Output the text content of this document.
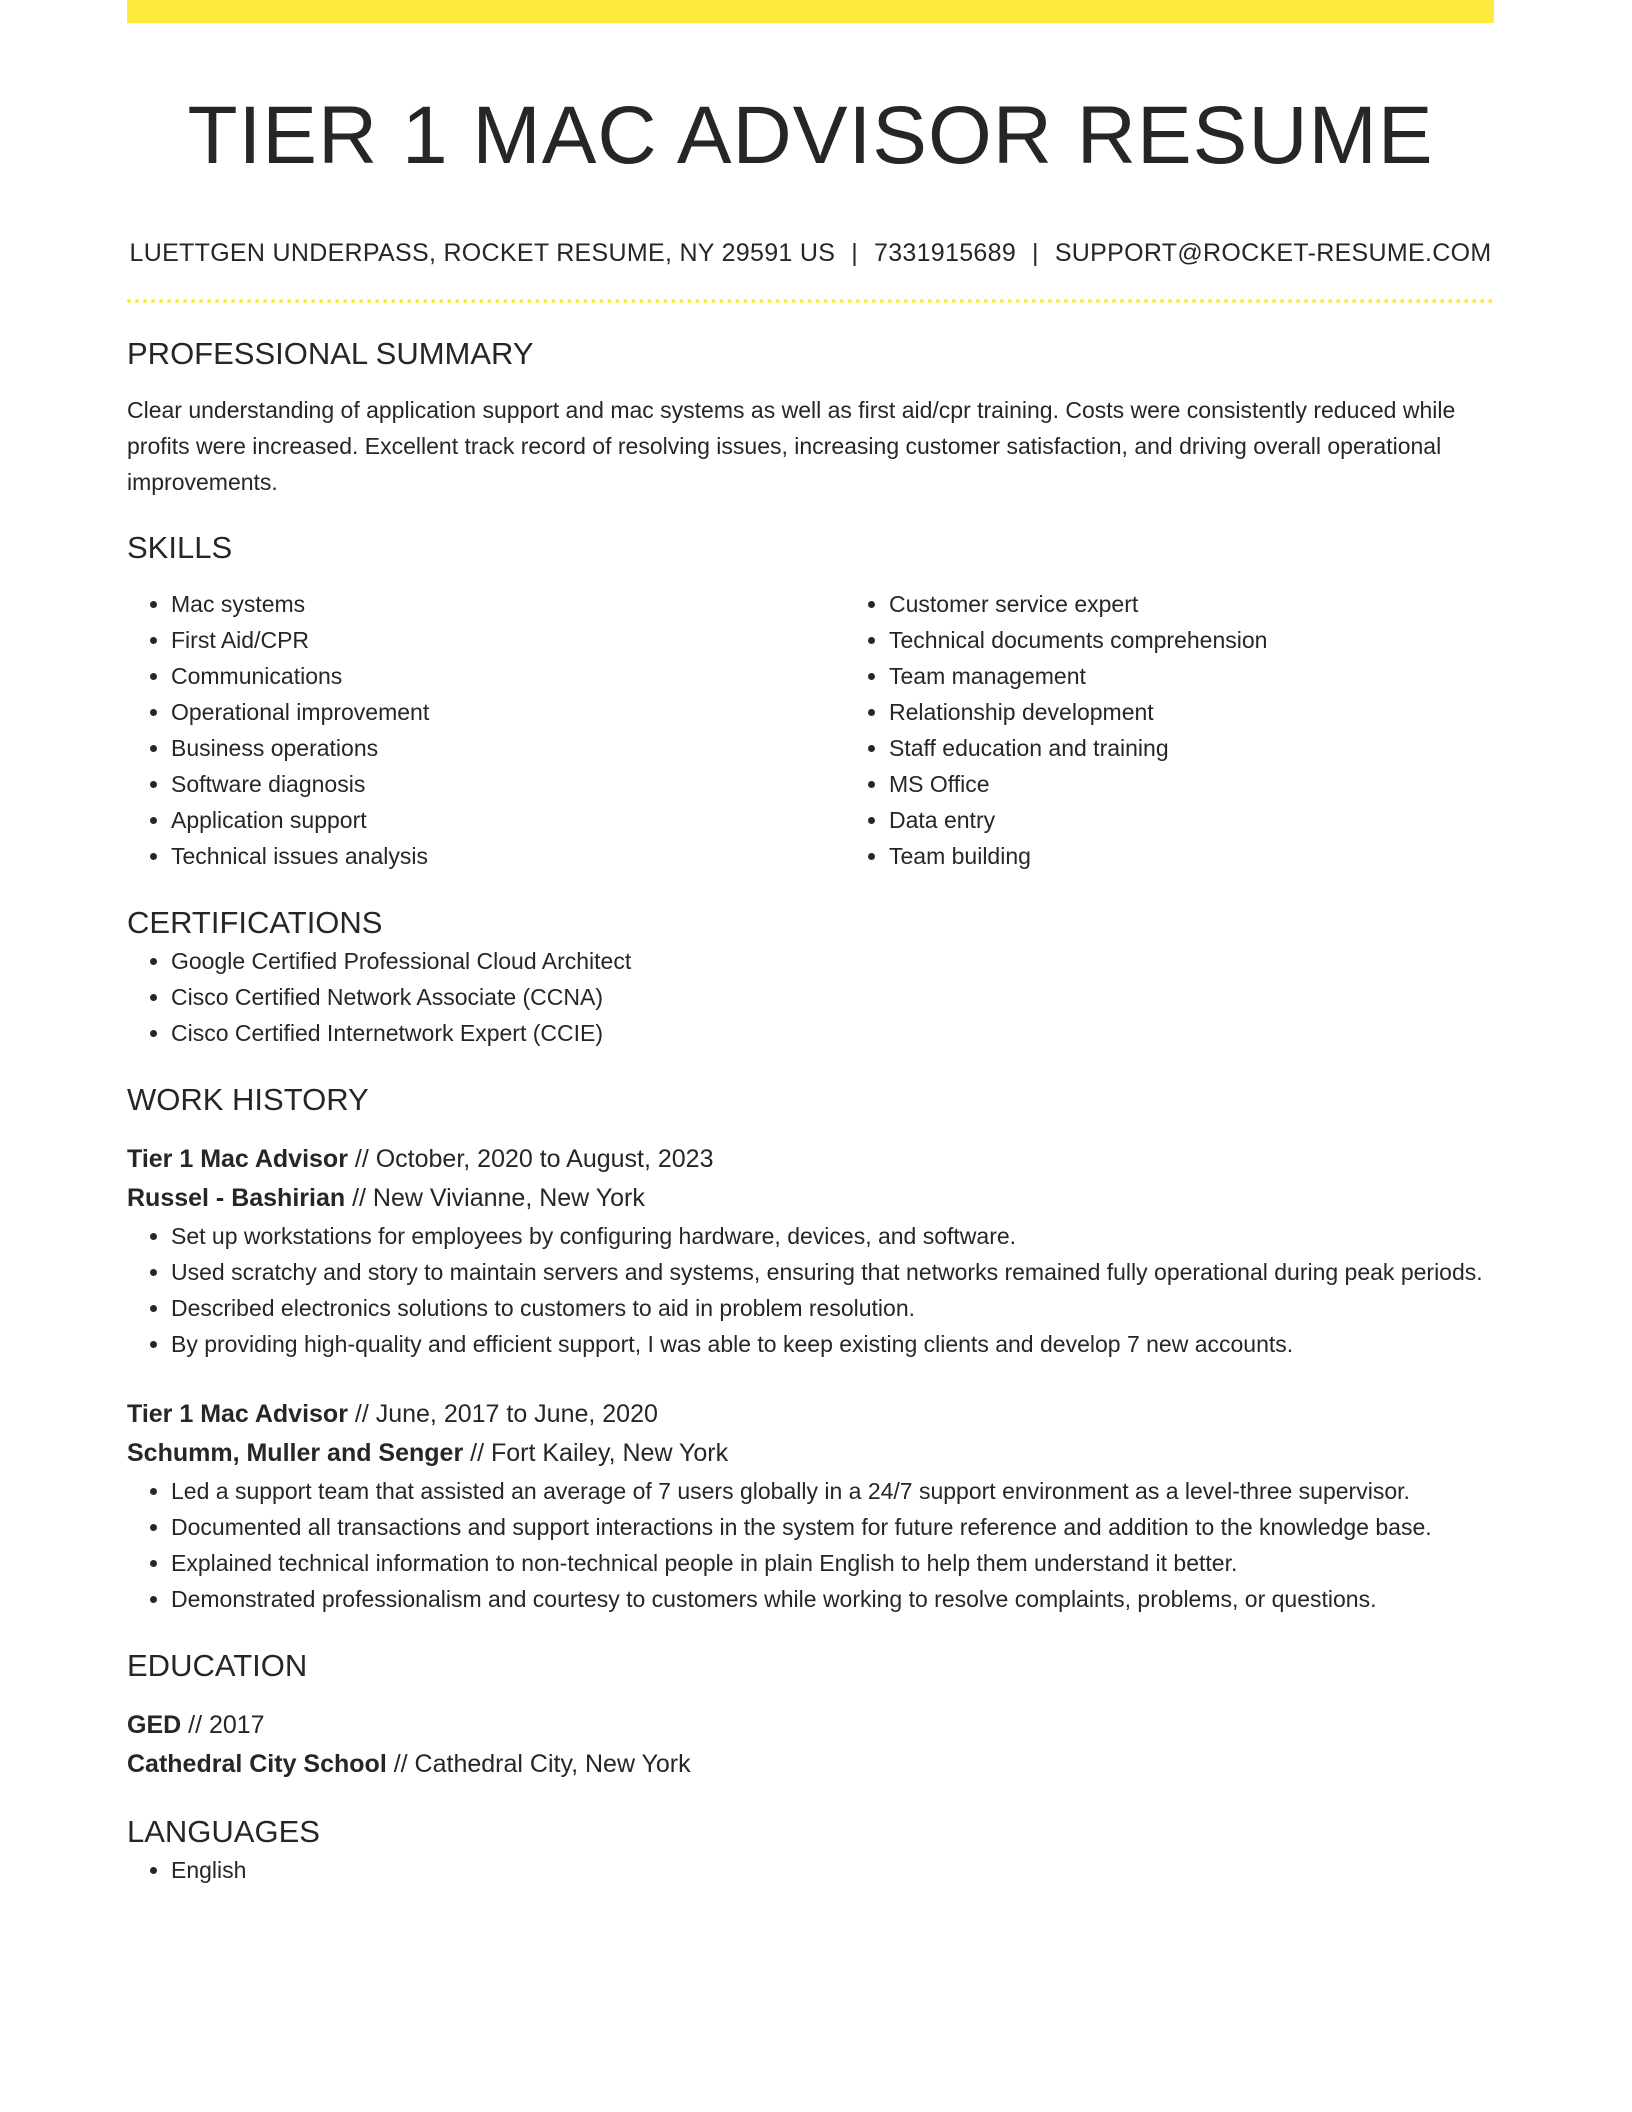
TIER 1 MAC ADVISOR RESUME
LUETTGEN UNDERPASS, ROCKET RESUME, NY 29591 US | 7331915689 | SUPPORT@ROCKET-RESUME.COM
PROFESSIONAL SUMMARY
Clear understanding of application support and mac systems as well as first aid/cpr training. Costs were consistently reduced while profits were increased. Excellent track record of resolving issues, increasing customer satisfaction, and driving overall operational improvements.
SKILLS
• Mac systems
• First Aid/CPR
• Communications
• Operational improvement
• Business operations
• Software diagnosis
• Application support
• Technical issues analysis
• Customer service expert
• Technical documents comprehension
• Team management
• Relationship development
• Staff education and training
• MS Office
• Data entry
• Team building
CERTIFICATIONS
• Google Certified Professional Cloud Architect
• Cisco Certified Network Associate (CCNA)
• Cisco Certified Internetwork Expert (CCIE)
WORK HISTORY
Tier 1 Mac Advisor // October, 2020 to August, 2023
Russel - Bashirian // New Vivianne, New York
• Set up workstations for employees by configuring hardware, devices, and software.
• Used scratchy and story to maintain servers and systems, ensuring that networks remained fully operational during peak periods.
• Described electronics solutions to customers to aid in problem resolution.
• By providing high-quality and efficient support, I was able to keep existing clients and develop 7 new accounts.
Tier 1 Mac Advisor // June, 2017 to June, 2020
Schumm, Muller and Senger // Fort Kailey, New York
• Led a support team that assisted an average of 7 users globally in a 24/7 support environment as a level-three supervisor.
• Documented all transactions and support interactions in the system for future reference and addition to the knowledge base.
• Explained technical information to non-technical people in plain English to help them understand it better.
• Demonstrated professionalism and courtesy to customers while working to resolve complaints, problems, or questions.
EDUCATION
GED // 2017
Cathedral City School // Cathedral City, New York
LANGUAGES
• English
